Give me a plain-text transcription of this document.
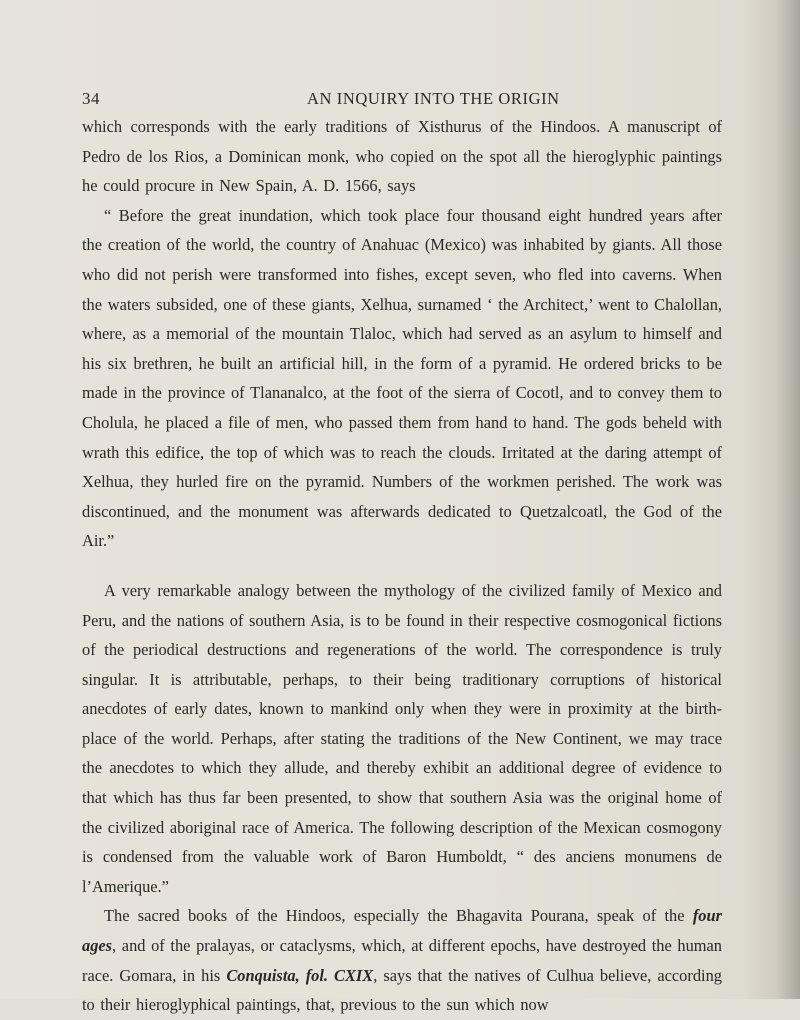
34	AN INQUIRY INTO THE ORIGIN

which corresponds with the early traditions of Xisthurus of the Hindoos. A manuscript of Pedro de los Rios, a Dominican monk, who copied on the spot all the hieroglyphic paintings he could procure in New Spain, A. D. 1566, says

“ Before the great inundation, which took place four thousand eight hundred years after the creation of the world, the country of Anahuac (Mexico) was inhabited by giants. All those who did not perish were transformed into fishes, except seven, who fled into caverns. When the waters subsided, one of these giants, Xelhua, surnamed ‘ the Architect,’ went to Chalollan, where, as a memorial of the mountain Tlaloc, which had served as an asylum to himself and his six brethren, he built an artificial hill, in the form of a pyramid. He ordered bricks to be made in the province of Tlananalco, at the foot of the sierra of Cocotl, and to convey them to Cholula, he placed a file of men, who passed them from hand to hand. The gods beheld with wrath this edifice, the top of which was to reach the clouds. Irritated at the daring attempt of Xelhua, they hurled fire on the pyramid. Numbers of the workmen perished. The work was discontinued, and the monument was afterwards dedicated to Quetzalcoatl, the God of the Air.”

A very remarkable analogy between the mythology of the civilized family of Mexico and Peru, and the nations of southern Asia, is to be found in their respective cosmogonical fictions of the periodical destructions and regenerations of the world. The correspondence is truly singular. It is attributable, perhaps, to their being traditionary corruptions of historical anecdotes of early dates, known to mankind only when they were in proximity at the birth-place of the world. Perhaps, after stating the traditions of the New Continent, we may trace the anecdotes to which they allude, and thereby exhibit an additional degree of evidence to that which has thus far been presented, to show that southern Asia was the original home of the civilized aboriginal race of America. The following description of the Mexican cosmogony is condensed from the valuable work of Baron Humboldt, “ des anciens monumens de l’Amerique.”

The sacred books of the Hindoos, especially the Bhagavita Pourana, speak of the four ages, and of the pralayas, or cataclysms, which, at different epochs, have destroyed the human race. Gomara, in his Conquista, fol. CXIX, says that the natives of Culhua believe, according to their hieroglyphical paintings, that, previous to the sun which now
